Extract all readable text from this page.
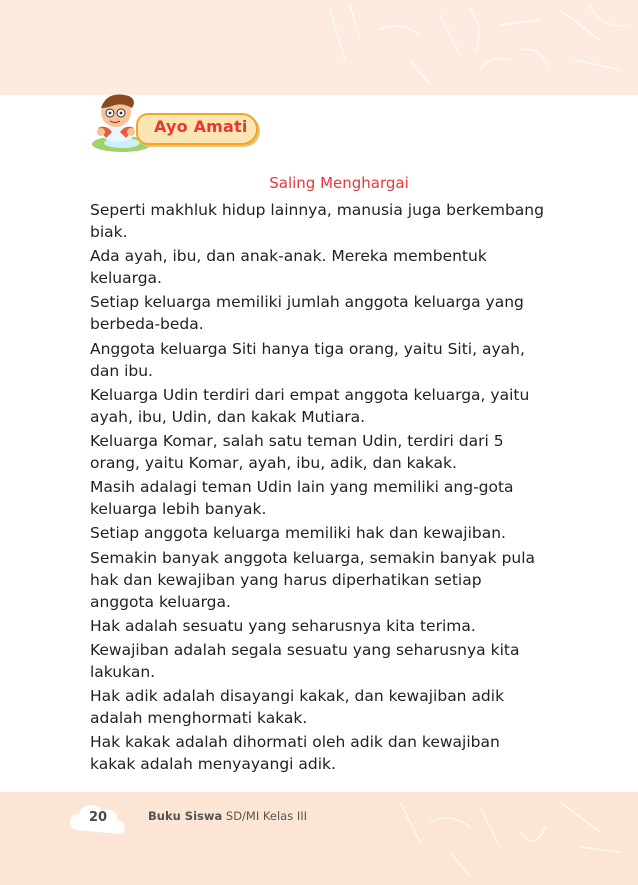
Ayo Amati
Saling Menghargai

Seperti makhluk hidup lainnya, manusia juga berkembang biak.

Ada ayah, ibu, dan anak-anak. Mereka membentuk keluarga.

Setiap keluarga memiliki jumlah anggota keluarga yang berbeda-beda.

Anggota keluarga Siti hanya tiga orang, yaitu Siti, ayah, dan ibu.

Keluarga Udin terdiri dari empat anggota keluarga, yaitu ayah, ibu, Udin, dan kakak Mutiara.

Keluarga Komar, salah satu teman Udin, terdiri dari 5 orang, yaitu Komar, ayah, ibu, adik, dan kakak.

Masih adalagi teman Udin lain yang memiliki ang-gota keluarga lebih banyak.

Setiap anggota keluarga memiliki hak dan kewajiban.

Semakin banyak anggota keluarga, semakin banyak pula hak dan kewajiban yang harus diperhatikan setiap anggota keluarga.

Hak adalah sesuatu yang seharusnya kita terima.

Kewajiban adalah segala sesuatu yang seharusnya kita lakukan.

Hak adik adalah disayangi kakak, dan kewajiban adik adalah menghormati kakak.

Hak kakak adalah dihormati oleh adik dan kewajiban kakak adalah menyayangi adik.

20	Buku Siswa SD/MI Kelas III
